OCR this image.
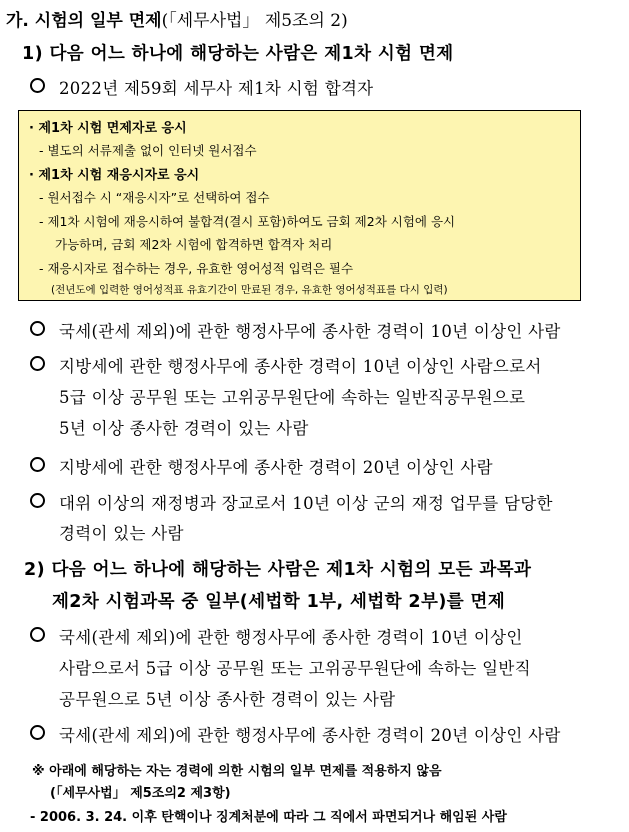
가. 시험의 일부 면제(「세무사법」 제5조의 2)
1) 다음 어느 하나에 해당하는 사람은 제1차 시험 면제
2022년 제59회 세무사 제1차 시험 합격자
· 제1차 시험 면제자로 응시
- 별도의 서류제출 없이 인터넷 원서접수
· 제1차 시험 재응시자로 응시
- 원서접수 시 “재응시자”로 선택하여 접수
- 제1차 시험에 재응시하여 불합격(결시 포함)하여도 금회 제2차 시험에 응시
가능하며, 금회 제2차 시험에 합격하면 합격자 처리
- 재응시자로 접수하는 경우, 유효한 영어성적 입력은 필수
(전년도에 입력한 영어성적표 유효기간이 만료된 경우, 유효한 영어성적표를 다시 입력)
국세(관세 제외)에 관한 행정사무에 종사한 경력이 10년 이상인 사람
지방세에 관한 행정사무에 종사한 경력이 10년 이상인 사람으로서
5급 이상 공무원 또는 고위공무원단에 속하는 일반직공무원으로
5년 이상 종사한 경력이 있는 사람
지방세에 관한 행정사무에 종사한 경력이 20년 이상인 사람
대위 이상의 재정병과 장교로서 10년 이상 군의 재정 업무를 담당한
경력이 있는 사람
2) 다음 어느 하나에 해당하는 사람은 제1차 시험의 모든 과목과
제2차 시험과목 중 일부(세법학 1부, 세법학 2부)를 면제
국세(관세 제외)에 관한 행정사무에 종사한 경력이 10년 이상인
사람으로서 5급 이상 공무원 또는 고위공무원단에 속하는 일반직
공무원으로 5년 이상 종사한 경력이 있는 사람
국세(관세 제외)에 관한 행정사무에 종사한 경력이 20년 이상인 사람
※ 아래에 해당하는 자는 경력에 의한 시험의 일부 면제를 적용하지 않음
(「세무사법」 제5조의2 제3항)
- 2006. 3. 24. 이후 탄핵이나 징계처분에 따라 그 직에서 파면되거나 해임된 사람
